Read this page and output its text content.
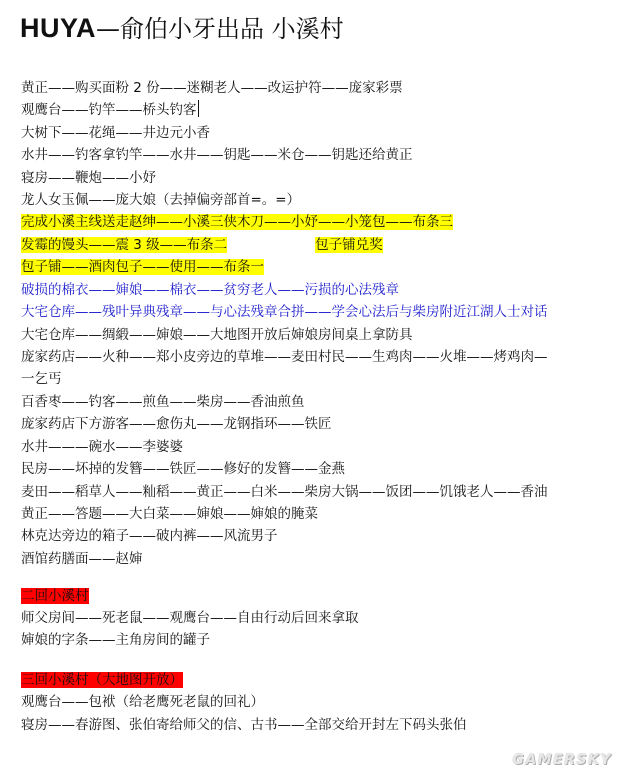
HUYA—俞伯小牙出品 小溪村
黄正——购买面粉 2 份——迷糊老人——改运护符——庞家彩票
观鹰台——钓竿——桥头钓客
大树下——花绳——井边元小香
水井——钓客拿钓竿——水井——钥匙——米仓——钥匙还给黄正
寝房——鞭炮——小妤
龙人女玉佩——庞大娘（去掉偏旁部首=。=）
完成小溪主线送走赵绅——小溪三侠木刀——小妤——小笼包——布条三
发霉的馒头——震 3 级——布条二	包子铺兑奖
包子铺——酒肉包子——使用——布条一
破损的棉衣——婶娘——棉衣——贫穷老人——污损的心法残章
大宅仓库——残叶异典残章——与心法残章合拼——学会心法后与柴房附近江湖人士对话
大宅仓库——绸緞——婶娘——大地图开放后婶娘房间桌上拿防具
庞家药店——火种——郑小皮旁边的草堆——麦田村民——生鸡肉——火堆——烤鸡肉—
一乞丐
百香枣——钓客——煎鱼——柴房——香油煎鱼
庞家药店下方游客——愈伤丸——龙钢指环——铁匠
水井———碗水——李婆婆
民房——坏掉的发簪——铁匠——修好的发簪——金燕
麦田——稻草人——籼稻——黄正——白米——柴房大锅——饭团——饥饿老人——香油
黄正——答题——大白菜——婶娘——婶娘的腌菜
林克达旁边的箱子——破内裤——风流男子
酒馆药膳面——赵婶
二回小溪村
师父房间——死老鼠——观鹰台——自由行动后回来拿取
婶娘的字条——主角房间的罐子
三回小溪村（大地图开放）
观鹰台——包袱（给老鹰死老鼠的回礼）
寝房——春游图、张伯寄给师父的信、古书——全部交给开封左下码头张伯
GAMERSKY
